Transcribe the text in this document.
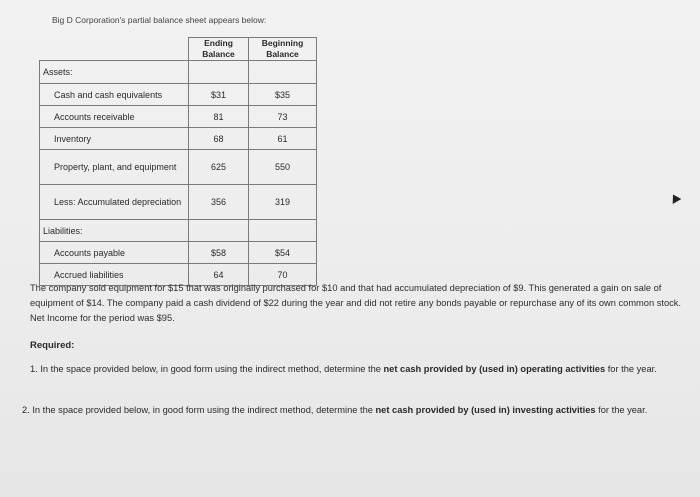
Big D Corporation's partial balance sheet appears below:
	Ending Balance	Beginning Balance
Assets:		
Cash and cash equivalents	$31	$35
Accounts receivable	81	73
Inventory	68	61
Property, plant, and equipment	625	550
Less: Accumulated depreciation	356	319
Liabilities:		
Accounts payable	$58	$54
Accrued liabilities	64	70
The company sold equipment for $15 that was originally purchased for $10 and that had accumulated depreciation of $9. This generated a gain on sale of equipment of $14. The company paid a cash dividend of $22 during the year and did not retire any bonds payable or repurchase any of its own common stock. Net Income for the period was $95.
Required:
1. In the space provided below, in good form using the indirect method, determine the net cash provided by (used in) operating activities for the year.
2. In the space provided below, in good form using the indirect method, determine the net cash provided by (used in) investing activities for the year.
